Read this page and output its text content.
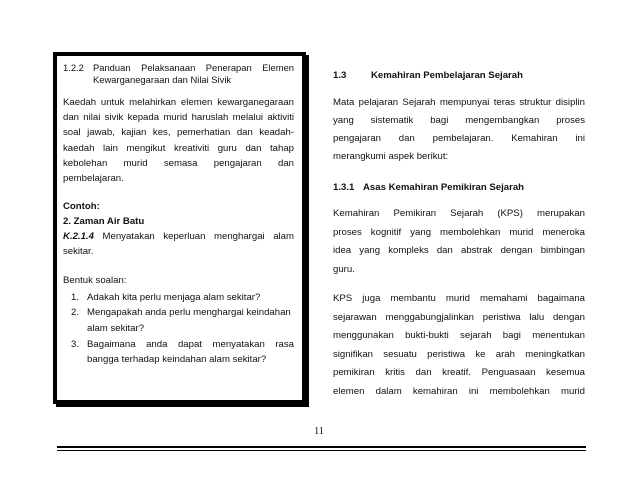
1.2.2 Panduan Pelaksanaan Penerapan Elemen
Kewarganegaraan dan Nilai Sivik
Kaedah untuk melahirkan elemen kewarganegaraan
dan nilai sivik kepada murid haruslah melalui aktiviti
soal jawab, kajian kes, pemerhatian dan keadah-
kaedah lain mengikut kreativiti guru dan tahap
kebolehan murid semasa pengajaran dan
pembelajaran.
Contoh:
2. Zaman Air Batu
K.2.1.4 Menyatakan keperluan menghargai alam
sekitar.
Bentuk soalan:
1. Adakah kita perlu menjaga alam sekitar?
2. Mengapakah anda perlu menghargai keindahan
alam sekitar?
3. Bagaimana anda dapat menyatakan rasa
bangga terhadap keindahan alam sekitar?
1.3	Kemahiran Pembelajaran Sejarah
Mata pelajaran Sejarah mempunyai teras struktur disiplin
yang sistematik bagi mengembangkan proses
pengajaran dan pembelajaran. Kemahiran ini
merangkumi aspek berikut:
1.3.1 Asas Kemahiran Pemikiran Sejarah
Kemahiran Pemikiran Sejarah (KPS) merupakan
proses kognitif yang membolehkan murid meneroka
idea yang kompleks dan abstrak dengan bimbingan
guru.
KPS juga membantu murid memahami bagaimana
sejarawan menggabungjalinkan peristiwa lalu dengan
menggunakan bukti-bukti sejarah bagi menentukan
signifikan sesuatu peristiwa ke arah meningkatkan
pemikiran kritis dan kreatif. Penguasaan kesemua
elemen dalam kemahiran ini membolehkan murid
11
